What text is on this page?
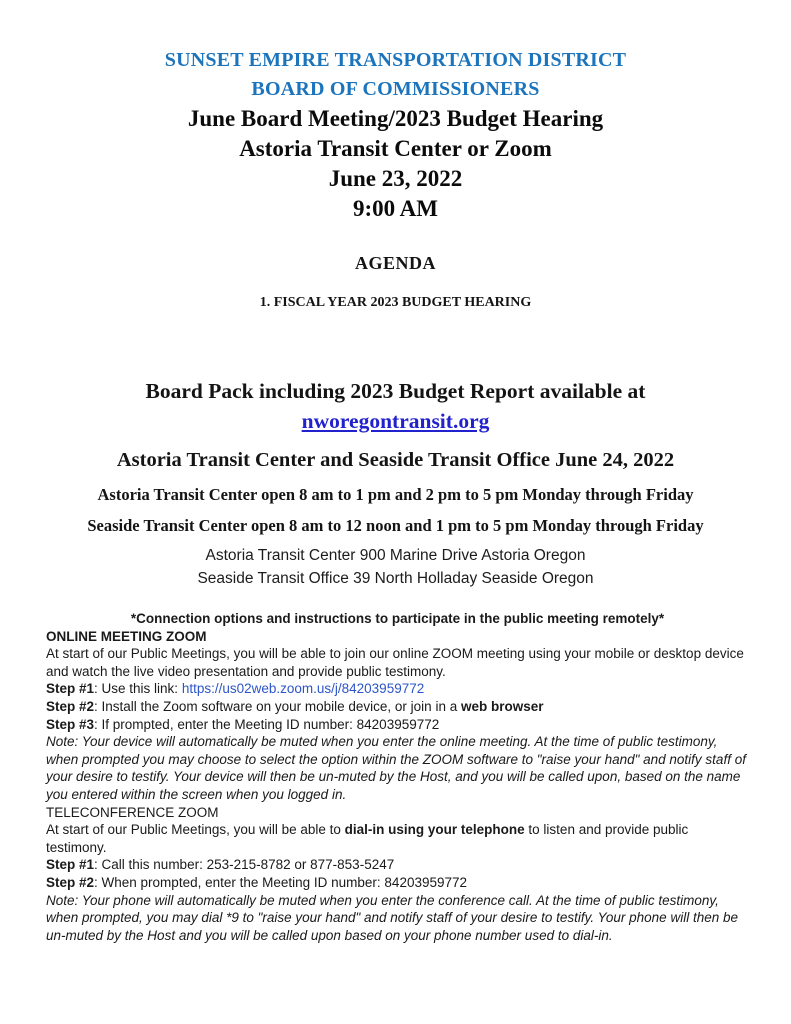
SUNSET EMPIRE TRANSPORTATION DISTRICT
BOARD OF COMMISSIONERS
June Board Meeting/2023 Budget Hearing
Astoria Transit Center or Zoom
June 23, 2022
9:00 AM
AGENDA
1. FISCAL YEAR 2023 BUDGET HEARING
Board Pack including 2023 Budget Report available at
nworegontransit.org
Astoria Transit Center and Seaside Transit Office June 24, 2022
Astoria Transit Center open 8 am to 1 pm and 2 pm to 5 pm Monday through Friday
Seaside Transit Center open 8 am to 12 noon and 1 pm to 5 pm Monday through Friday
Astoria Transit Center 900 Marine Drive Astoria Oregon
Seaside Transit Office 39 North Holladay Seaside Oregon
*Connection options and instructions to participate in the public meeting remotely*
ONLINE MEETING ZOOM
At start of our Public Meetings, you will be able to join our online ZOOM meeting using your mobile or desktop device and watch the live video presentation and provide public testimony.
Step #1: Use this link: https://us02web.zoom.us/j/84203959772
Step #2: Install the Zoom software on your mobile device, or join in a web browser
Step #3: If prompted, enter the Meeting ID number: 84203959772
Note: Your device will automatically be muted when you enter the online meeting. At the time of public testimony, when prompted you may choose to select the option within the ZOOM software to "raise your hand" and notify staff of your desire to testify. Your device will then be un-muted by the Host, and you will be called upon, based on the name you entered within the screen when you logged in.
TELECONFERENCE ZOOM
At start of our Public Meetings, you will be able to dial-in using your telephone to listen and provide public testimony.
Step #1: Call this number: 253-215-8782 or 877-853-5247
Step #2: When prompted, enter the Meeting ID number: 84203959772
Note: Your phone will automatically be muted when you enter the conference call. At the time of public testimony, when prompted, you may dial *9 to "raise your hand" and notify staff of your desire to testify. Your phone will then be un-muted by the Host and you will be called upon based on your phone number used to dial-in.
